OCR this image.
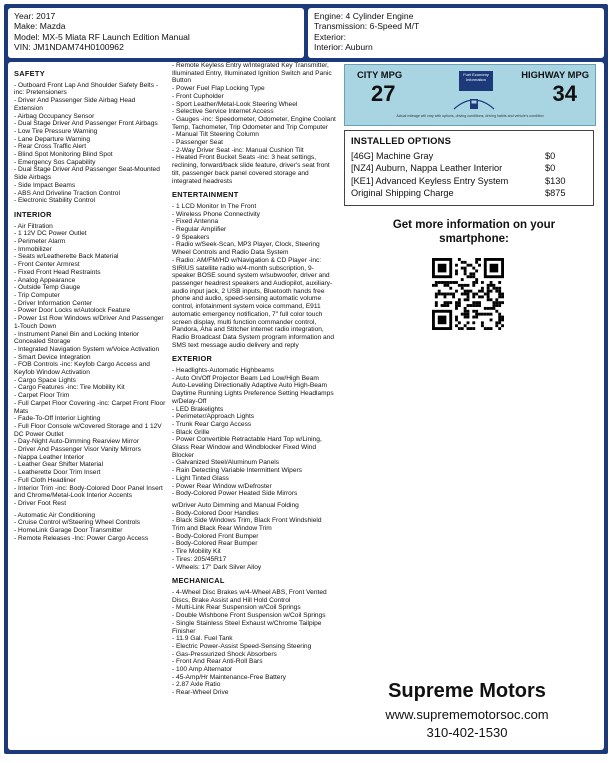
Year: 2017
Make: Mazda
Model: MX-5 Miata RF Launch Edition Manual
VIN: JM1NDAM74H0100962
Engine: 4 Cylinder Engine
Transmission: 6-Speed M/T
Exterior:
Interior: Auburn
SAFETY
- Outboard Front Lap And Shoulder Safety Belts -inc: Pretensioners
- Driver And Passenger Side Airbag Head Extension
- Airbag Occupancy Sensor
- Dual Stage Driver And Passenger Front Airbags
- Low Tire Pressure Warning
- Lane Departure Warning
- Rear Cross Traffic Alert
- Blind Spot Monitoring Blind Spot
- Emergency Sos Capability
- Dual Stage Driver And Passenger Seat-Mounted Side Airbags
- Side Impact Beams
- ABS And Driveline Traction Control
- Electronic Stability Control
INTERIOR
- Air Filtration
- 1 12V DC Power Outlet
- Perimeter Alarm
- Immobilizer
- Seats w/Leatherette Back Material
- Front Center Armrest
- Fixed Front Head Restraints
- Analog Appearance
- Outside Temp Gauge
- Trip Computer
- Driver Information Center
- Power Door Locks w/Autolock Feature
- Power 1st Row Windows w/Driver And Passenger 1-Touch Down
- Instrument Panel Bin and Locking Interior Concealed Storage
- Integrated Navigation System w/Voice Activation
- Smart Device Integration
- FOB Controls -inc: Keyfob Cargo Access and Keyfob Window Activation
- Cargo Space Lights
- Cargo Features -inc: Tire Mobility Kit
- Carpet Floor Trim
- Full Carpet Floor Covering -inc: Carpet Front Floor Mats
- Fade-To-Off Interior Lighting
- Full Floor Console w/Covered Storage and 1 12V DC Power Outlet
- Day-Night Auto-Dimming Rearview Mirror
- Driver And Passenger Visor Vanity Mirrors
- Nappa Leather Interior
- Leather Gear Shifter Material
- Leatherette Door Trim Insert
- Full Cloth Headliner
- Interior Trim -inc: Body-Colored Door Panel Insert and Chrome/Metal-Look Interior Accents
- Driver Foot Rest
- Automatic Air Conditioning
- Cruise Control w/Steering Wheel Controls
- HomeLink Garage Door Transmitter
- Remote Releases -Inc: Power Cargo Access
- Remote Keyless Entry w/Integrated Key Transmitter, Illuminated Entry, Illuminated Ignition Switch and Panic Button
- Power Fuel Flap Locking Type
- Front Cupholder
- Sport Leather/Metal-Look Steering Wheel
- Selective Service Internet Access
- Gauges -inc: Speedometer, Odometer, Engine Coolant Temp, Tachometer, Trip Odometer and Trip Computer
- Manual Tilt Steering Column
- Passenger Seat
- 2-Way Driver Seat -inc: Manual Cushion Tilt
- Heated Front Bucket Seats -inc: 3 heat settings, reclining, forward/back slide feature, driver's seat front tilt, passenger back panel covered storage and integrated headrests
ENTERTAINMENT
- 1 LCD Monitor In The Front
- Wireless Phone Connectivity
- Fixed Antenna
- Regular Amplifier
- 9 Speakers
- Radio w/Seek-Scan, MP3 Player, Clock, Steering Wheel Controls and Radio Data System
- Radio: AM/FM/HD w/Navigation & CD Player -inc: SIRIUS satellite radio w/4-month subscription, 9-speaker BOSE sound system w/subwoofer, driver and passenger headrest speakers and Audiopilot, auxiliary-audio input jack, 2 USB inputs, Bluetooth hands free phone and audio, speed-sensing automatic volume control, infotainment system voice command, E911 automatic emergency notification, 7" full color touch screen display, multi function commander control, Pandora, Aha and Stitcher internet radio integration, Radio Broadcast Data System program information and SMS text message audio delivery and reply
EXTERIOR
- Headlights-Automatic Highbeams
- Auto On/Off Projector Beam Led Low/High Beam Auto-Leveling Directionally Adaptive Auto High-Beam Daytime Running Lights Preference Setting Headlamps w/Delay-Off
- LED Brakelights
- Perimeter/Approach Lights
- Trunk Rear Cargo Access
- Black Grille
- Power Convertible Retractable Hard Top w/Lining, Glass Rear Window and Windblocker Fixed Wind Blocker
- Galvanized Steel/Aluminum Panels
- Rain Detecting Variable Intermittent Wipers
- Light Tinted Glass
- Power Rear Window w/Defroster
- Body-Colored Power Heated Side Mirrors
w/Driver Auto Dimming and Manual Folding
- Body-Colored Door Handles
- Black Side Windows Trim, Black Front Windshield Trim and Black Rear Window Trim
- Body-Colored Front Bumper
- Body-Colored Rear Bumper
- Tire Mobility Kit
- Tires: 205/45R17
- Wheels: 17" Dark Silver Alloy
MECHANICAL
- 4-Wheel Disc Brakes w/4-Wheel ABS, Front Vented Discs, Brake Assist and Hill Hold Control
- Multi-Link Rear Suspension w/Coil Springs
- Double Wishbone Front Suspension w/Coil Springs
- Single Stainless Steel Exhaust w/Chrome Tailpipe Finisher
- 11.9 Gal. Fuel Tank
- Electric Power-Assist Speed-Sensing Steering
- Gas-Pressurized Shock Absorbers
- Front And Rear Anti-Roll Bars
- 100 Amp Alternator
- 45-Amp/Hr Maintenance-Free Battery
- 2.87 Axle Ratio
- Rear-Wheel Drive
CITY MPG	HIGHWAY MPG
27	34
Fuel Economy
Information
Actual mileage will vary with options, driving conditions, driving habits and vehicle's condition
INSTALLED OPTIONS
[46G] Machine Gray	$0
[NZ4] Auburn, Nappa Leather Interior	$0
[KE1] Advanced Keyless Entry System	$130
Original Shipping Charge	$875
Get more information on your
smartphone:
Supreme Motors
www.suprememotorsoc.com
310-402-1530
